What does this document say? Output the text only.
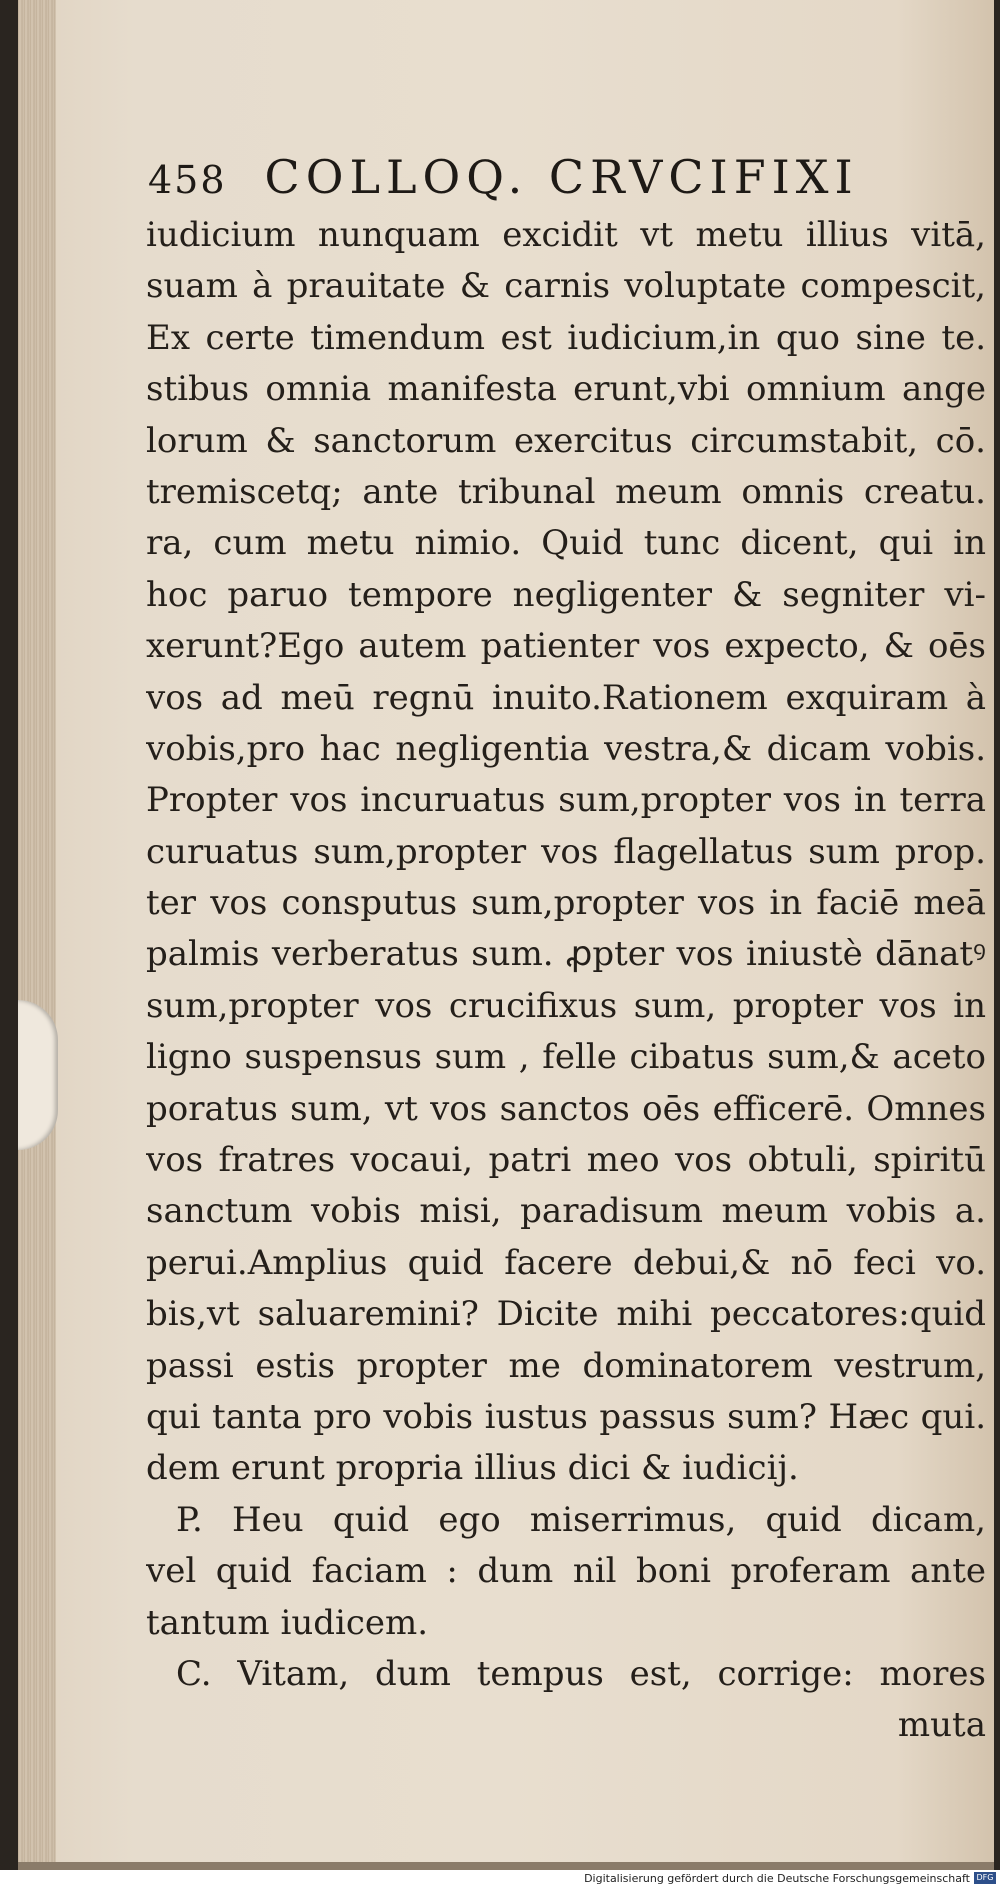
458 COLLOQ. CRVCIFIXI
iudicium nunquam excidit vt metu illius vitā,
suam à prauitate & carnis voluptate compescit,
Ex certe timendum est iudicium,in quo sine te.
stibus omnia manifesta erunt,vbi omnium ange
lorum & sanctorum exercitus circumstabit, cō.
tremiscetq; ante tribunal meum omnis creatu.
ra, cum metu nimio. Quid tunc dicent, qui in
hoc paruo tempore negligenter & segniter vi-
xerunt?Ego autem patienter vos expecto, & oēs
vos ad meū regnū inuito.Rationem exquiram à
vobis,pro hac negligentia vestra,& dicam vobis.
Propter vos incuruatus sum,propter vos in terra
curuatus sum,propter vos flagellatus sum prop.
ter vos consputus sum,propter vos in faciē meā
palmis verberatus sum. ꝓpter vos iniustè dānatꝰ
sum,propter vos crucifixus sum, propter vos in
ligno suspensus sum , felle cibatus sum,& aceto
poratus sum, vt vos sanctos oēs efficerē. Omnes
vos fratres vocaui, patri meo vos obtuli, spiritū
sanctum vobis misi, paradisum meum vobis a.
perui.Amplius quid facere debui,& nō feci vo.
bis,vt saluaremini? Dicite mihi peccatores:quid
passi estis propter me dominatorem vestrum,
qui tanta pro vobis iustus passus sum? Hæc qui.
dem erunt propria illius dici & iudicij.
P. Heu quid ego miserrimus, quid dicam,
vel quid faciam : dum nil boni proferam ante
tantum iudicem.
C. Vitam, dum tempus est, corrige: mores
muta
Digitalisierung gefördert durch die Deutsche Forschungsgemeinschaft DFG
